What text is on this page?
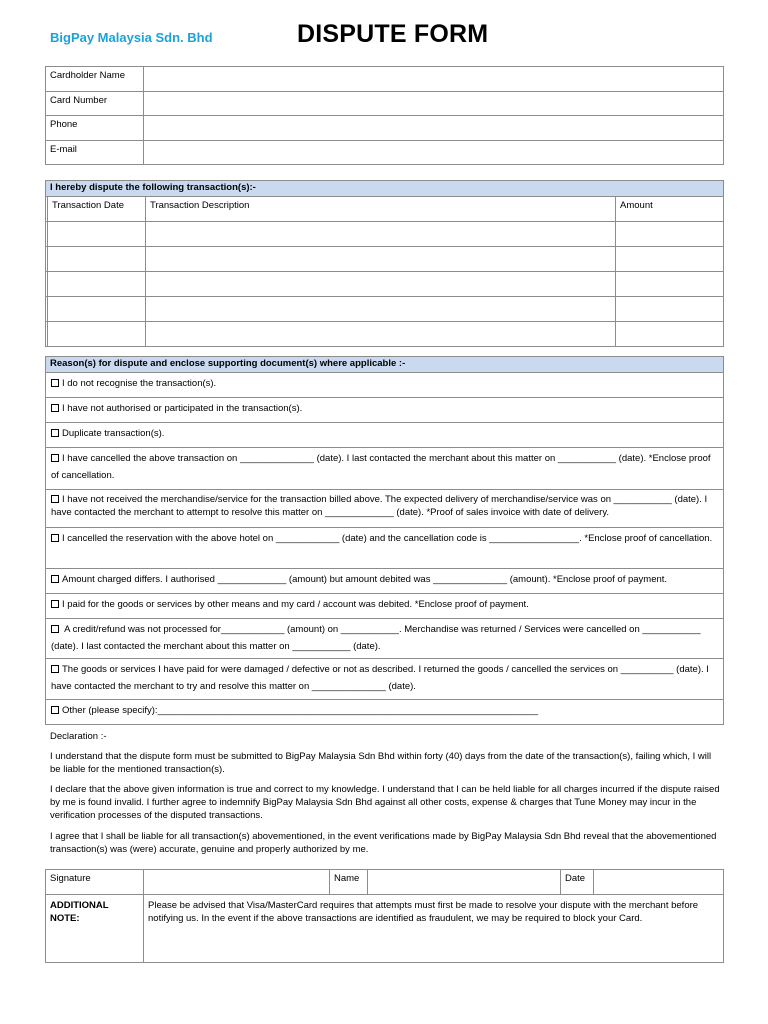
BigPay Malaysia Sdn. Bhd	DISPUTE FORM
Cardholder Name	
Card Number	
Phone	
E-mail	
I hereby dispute the following transaction(s):-			
	Transaction Date	Transaction Description	Amount

Reason(s) for dispute and enclose supporting document(s) where applicable :-
I do not recognise the transaction(s).
I have not authorised or participated in the transaction(s).
Duplicate transaction(s).
I have cancelled the above transaction on ______________ (date). I last contacted the merchant about this matter on ___________ (date). *Enclose proof of cancellation.
I have not received the merchandise/service for the transaction billed above. The expected delivery of merchandise/service was on ___________ (date). I have contacted the merchant to attempt to resolve this matter on _____________ (date). *Proof of sales invoice with date of delivery.
I cancelled the reservation with the above hotel on ____________ (date) and the cancellation code is _________________. *Enclose proof of cancellation.
Amount charged differs. I authorised _____________ (amount) but amount debited was ______________ (amount). *Enclose proof of payment.
I paid for the goods or services by other means and my card / account was debited. *Enclose proof of payment.
A credit/refund was not processed for____________ (amount) on ___________. Merchandise was returned / Services were cancelled on ___________ (date). I last contacted the merchant about this matter on ___________ (date).
The goods or services I have paid for were damaged / defective or not as described. I returned the goods / cancelled the services on __________ (date). I have contacted the merchant to try and resolve this matter on ______________ (date).
Other (please specify):________________________________________________________________________
Declaration :-
I understand that the dispute form must be submitted to BigPay Malaysia Sdn Bhd within forty (40) days from the date of the transaction(s), failing which, I will be liable for the mentioned transaction(s).
I declare that the above given information is true and correct to my knowledge. I understand that I can be held liable for all charges incurred if the dispute raised by me is found invalid. I further agree to indemnify BigPay Malaysia Sdn Bhd against all other costs, expense & charges that Tune Money may incur in the verification processes of the disputed transactions.
I agree that I shall be liable for all transaction(s) abovementioned, in the event verifications made by BigPay Malaysia Sdn Bhd reveal that the abovementioned transaction(s) was (were) accurate, genuine and properly authorized by me.
Signature		Name		Date	
ADDITIONAL NOTE:	Please be advised that Visa/MasterCard requires that attempts must first be made to resolve your dispute with the merchant before notifying us. In the event if the above transactions are identified as fraudulent, we may be required to block your Card.				
